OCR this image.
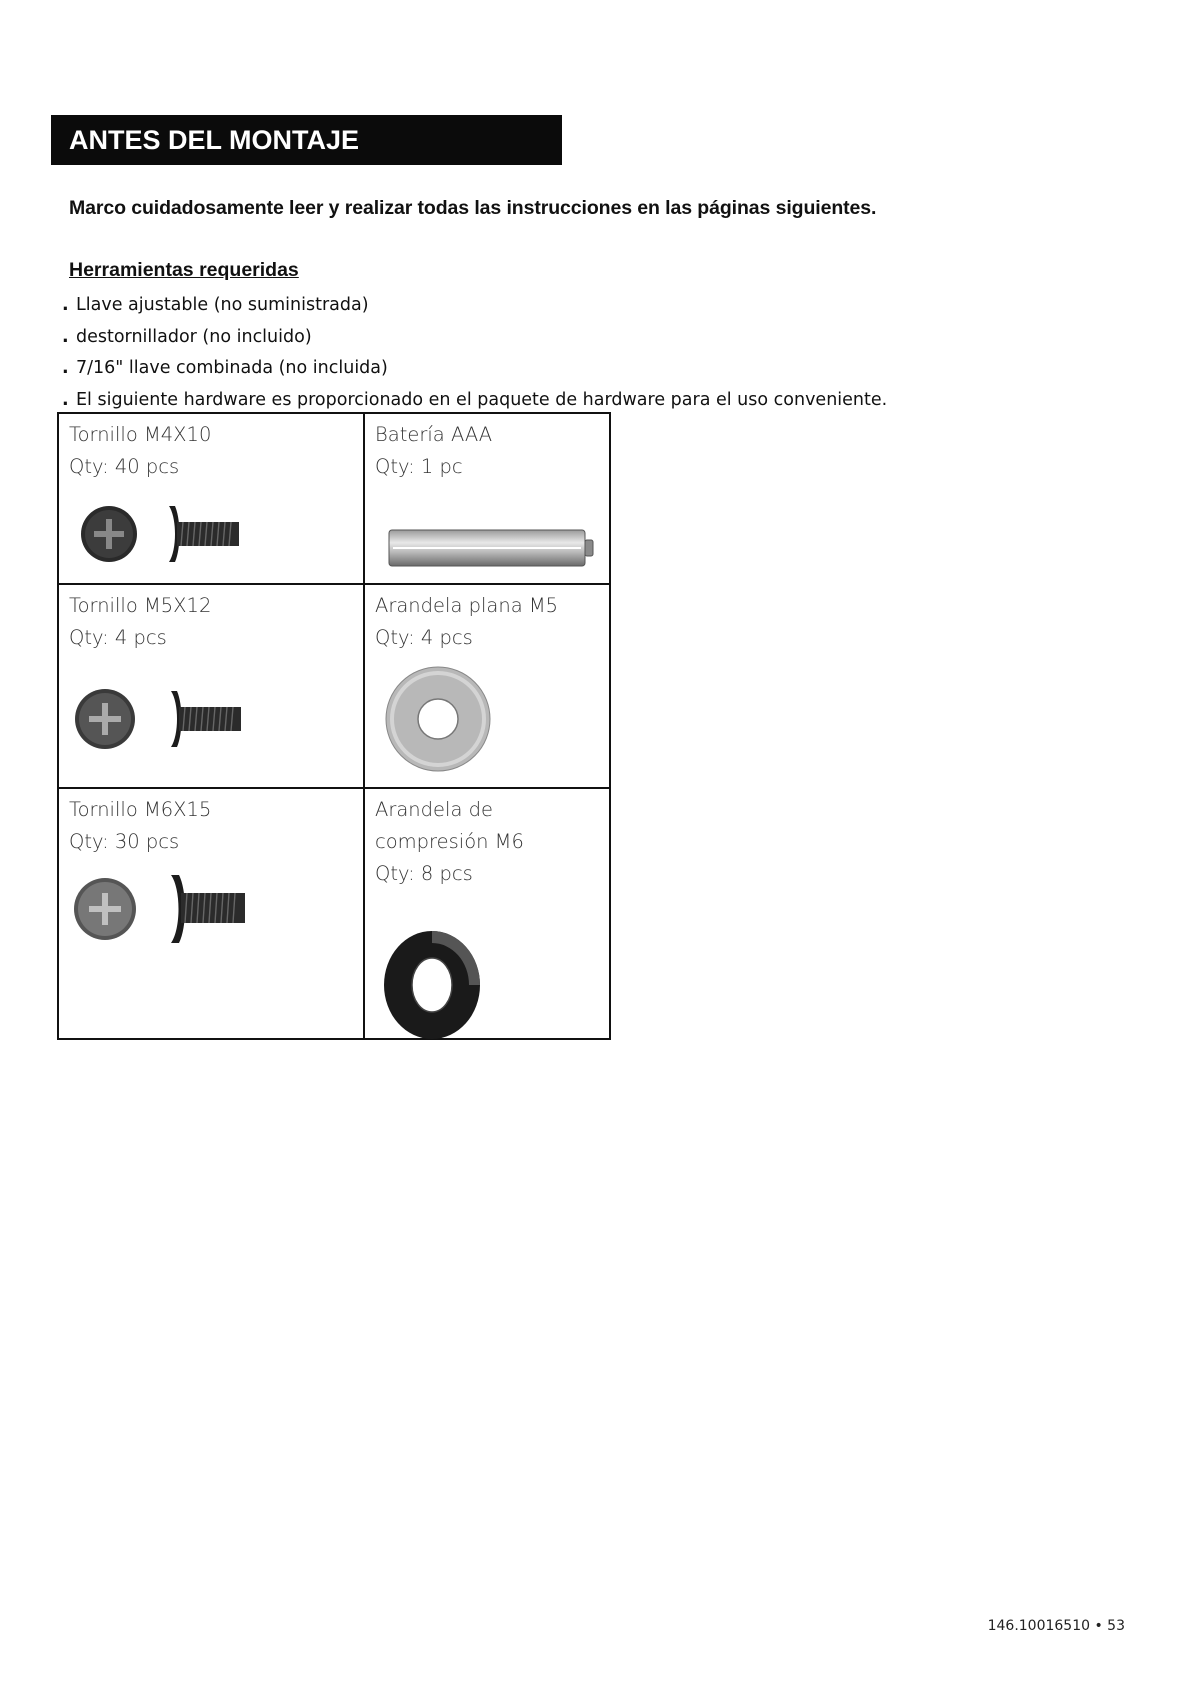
ANTES DEL MONTAJE
Marco cuidadosamente leer y realizar todas las instrucciones en las páginas siguientes.
Herramientas requeridas
. Llave ajustable (no suministrada)
. destornillador (no incluido)
. 7/16" llave combinada (no incluida)
. El siguiente hardware es proporcionado en el paquete de hardware para el uso conveniente.
Tornillo M4X10
Qty: 40 pcs
Batería AAA
Qty: 1 pc
Tornillo M5X12
Qty: 4 pcs
Arandela plana M5
Qty: 4 pcs
Tornillo M6X15
Qty: 30 pcs
Arandela de compresión M6
Qty: 8 pcs
146.10016510 • 53
